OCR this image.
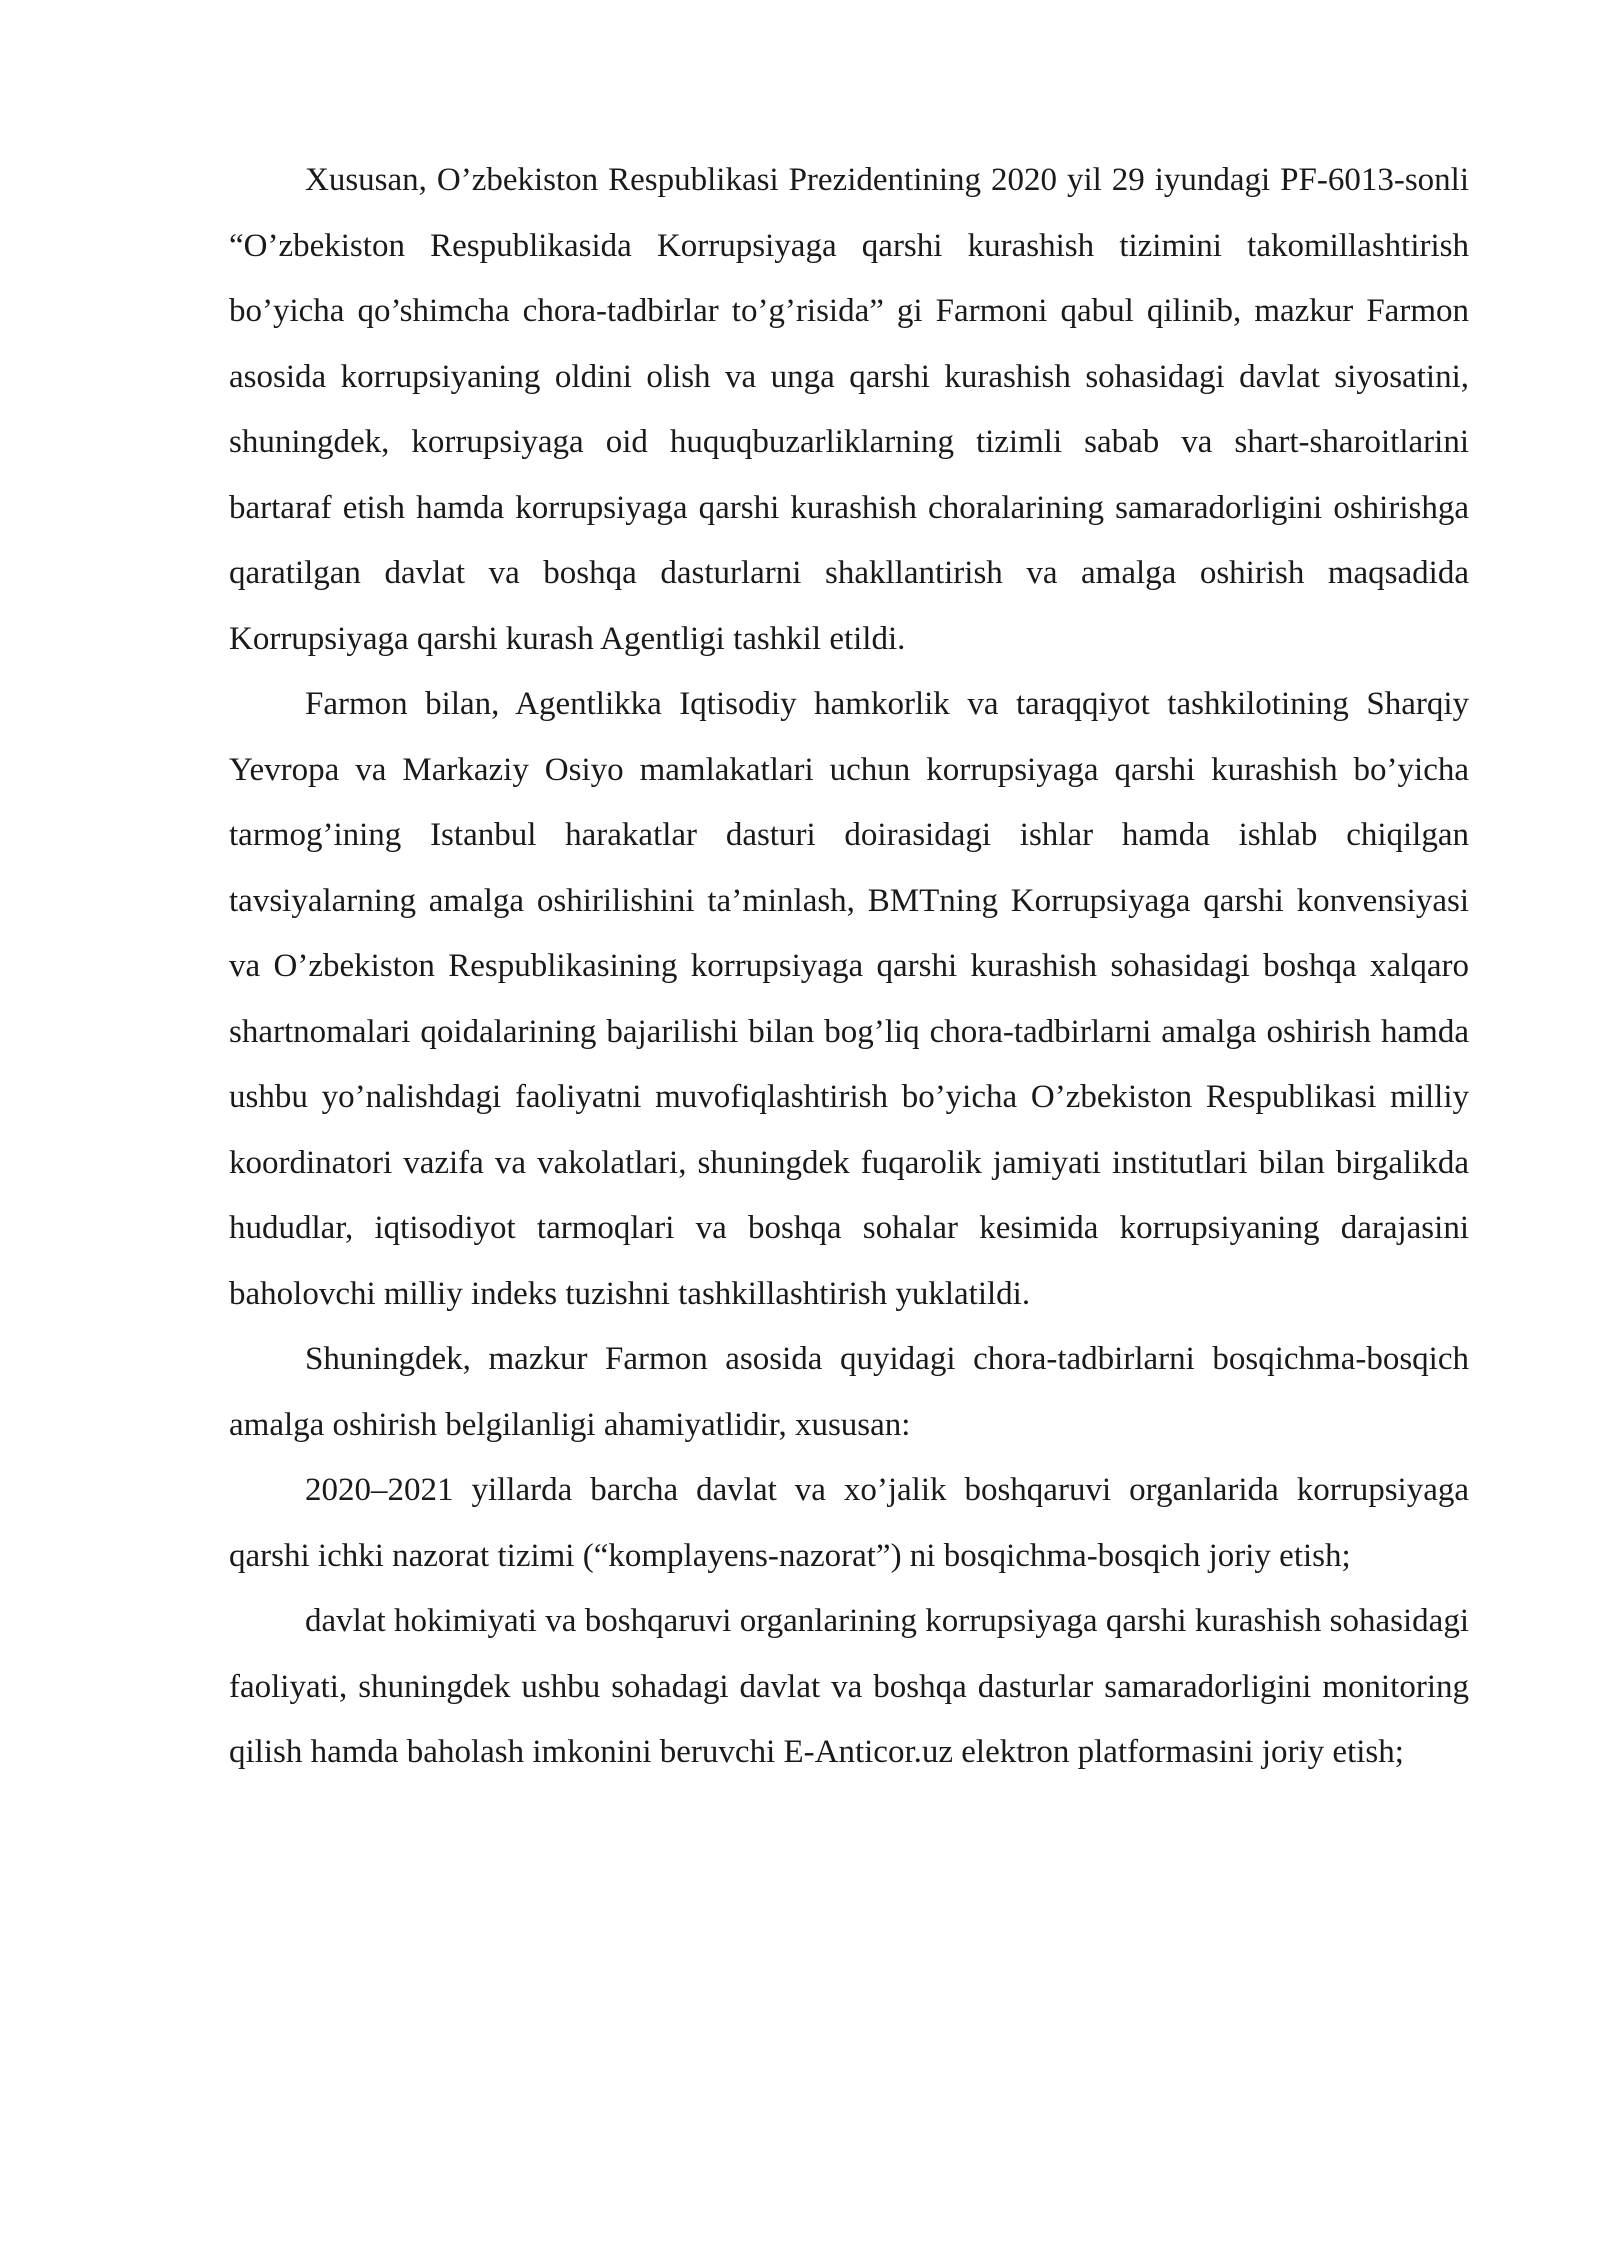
Xususan, O’zbekiston Respublikasi Prezidentining 2020 yil 29 iyundagi PF-6013-sonli “O’zbekiston Respublikasida Korrupsiyaga qarshi kurashish tizimini takomillashtirish bo’yicha qo’shimcha chora-tadbirlar to’g’risida” gi Farmoni qabul qilinib, mazkur Farmon asosida korrupsiyaning oldini olish va unga qarshi kurashish sohasidagi davlat siyosatini, shuningdek, korrupsiyaga oid huquqbuzarliklarning tizimli sabab va shart-sharoitlarini bartaraf etish hamda korrupsiyaga qarshi kurashish choralarining samaradorligini oshirishga qaratilgan davlat va boshqa dasturlarni shakllantirish va amalga oshirish maqsadida Korrupsiyaga qarshi kurash Agentligi tashkil etildi.

Farmon bilan, Agentlikka Iqtisodiy hamkorlik va taraqqiyot tashkilotining Sharqiy Yevropa va Markaziy Osiyo mamlakatlari uchun korrupsiyaga qarshi kurashish bo’yicha tarmog’ining Istanbul harakatlar dasturi doirasidagi ishlar hamda ishlab chiqilgan tavsiyalarning amalga oshirilishini ta’minlash, BMTning Korrupsiyaga qarshi konvensiyasi va O’zbekiston Respublikasining korrupsiyaga qarshi kurashish sohasidagi boshqa xalqaro shartnomalari qoidalarining bajarilishi bilan bog’liq chora-tadbirlarni amalga oshirish hamda ushbu yo’nalishdagi faoliyatni muvofiqlashtirish bo’yicha O’zbekiston Respublikasi milliy koordinatori vazifa va vakolatlari, shuningdek fuqarolik jamiyati institutlari bilan birgalikda hududlar, iqtisodiyot tarmoqlari va boshqa sohalar kesimida korrupsiyaning darajasini baholovchi milliy indeks tuzishni tashkillashtirish yuklatildi.

Shuningdek, mazkur Farmon asosida quyidagi chora-tadbirlarni bosqichma-bosqich amalga oshirish belgilanligi ahamiyatlidir, xususan:

2020–2021 yillarda barcha davlat va xo’jalik boshqaruvi organlarida korrupsiyaga qarshi ichki nazorat tizimi (“komplayens-nazorat”) ni bosqichma-bosqich joriy etish;

davlat hokimiyati va boshqaruvi organlarining korrupsiyaga qarshi kurashish sohasidagi faoliyati, shuningdek ushbu sohadagi davlat va boshqa dasturlar samaradorligini monitoring qilish hamda baholash imkonini beruvchi E-Anticor.uz elektron platformasini joriy etish;
